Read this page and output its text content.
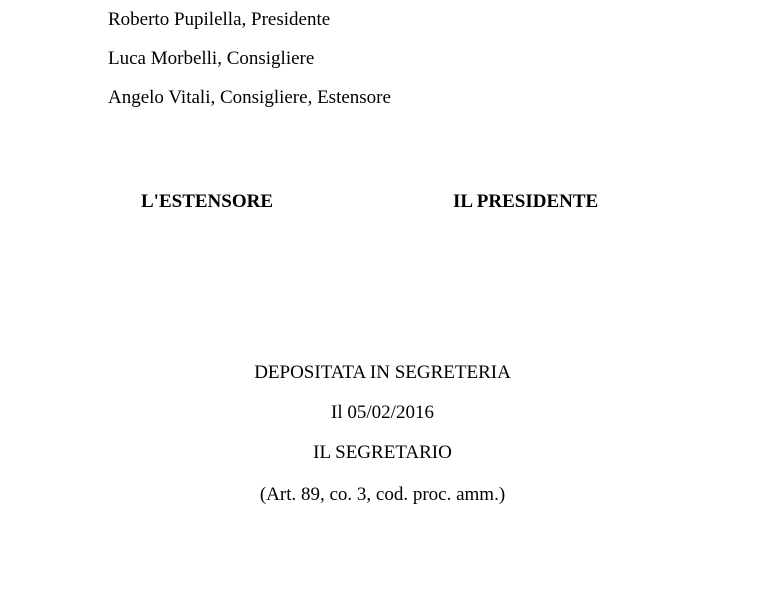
Roberto Pupilella, Presidente
Luca Morbelli, Consigliere
Angelo Vitali, Consigliere, Estensore
L'ESTENSORE	IL PRESIDENTE
DEPOSITATA IN SEGRETERIA
Il 05/02/2016
IL SEGRETARIO
(Art. 89, co. 3, cod. proc. amm.)
